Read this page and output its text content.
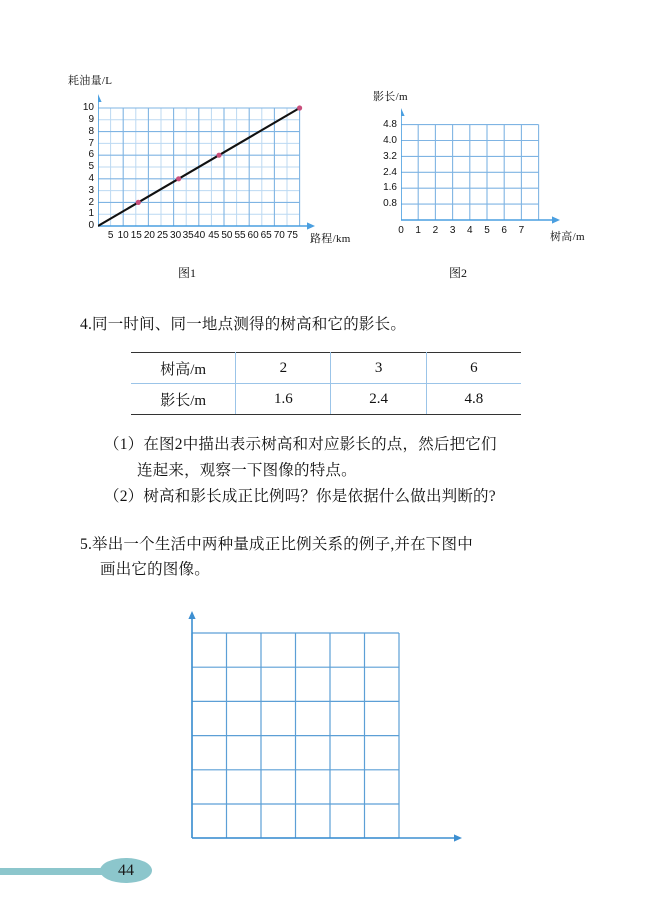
耗油量/L
0
1
2
3
4
5
6
7
8
9
10
5 10 15 20 25 30 35 40 45 50 55 60 65 70 75 路程/km
图1
影长/m
4.8
4.0
3.2
2.4
1.6
0.8
0	1	2	3	4	5	6	7
树高/m
图2
4.同一时间、同一地点测得的树高和它的影长。
树高/m	2	3	6
影长/m	1.6	2.4	4.8
（1）在图2中描出表示树高和对应影长的点，然后把它们
连起来，观察一下图像的特点。
（2）树高和影长成正比例吗？你是依据什么做出判断的?
5.举出一个生活中两种量成正比例关系的例子,并在下图中
画出它的图像。
44
